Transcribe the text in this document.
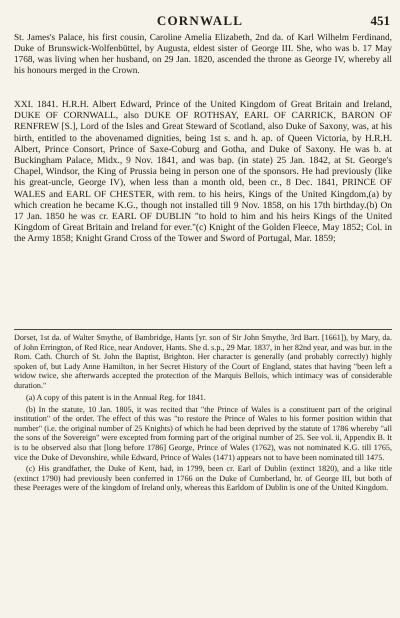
CORNWALL	451

St. James's Palace, his first cousin, Caroline Amelia Elizabeth, 2nd da. of Karl Wilhelm Ferdinand, Duke of Brunswick-Wolfenbüttel, by Augusta, eldest sister of George III. She, who was b. 17 May 1768, was living when her husband, on 29 Jan. 1820, ascended the throne as George IV, whereby all his honours merged in the Crown.

XXI. 1841. H.R.H. Albert Edward, Prince of the United Kingdom of Great Britain and Ireland, DUKE OF CORNWALL, also DUKE OF ROTHSAY, EARL OF CARRICK, BARON OF RENFREW [S.], Lord of the Isles and Great Steward of Scotland, also Duke of Saxony, was, at his birth, entitled to the abovenamed dignities, being 1st s. and h. ap. of Queen Victoria, by H.R.H. Albert, Prince Consort, Prince of Saxe-Coburg and Gotha, and Duke of Saxony. He was b. at Buckingham Palace, Midx., 9 Nov. 1841, and was bap. (in state) 25 Jan. 1842, at St. George's Chapel, Windsor, the King of Prussia being in person one of the sponsors. He had previously (like his great-uncle, George IV), when less than a month old, been cr., 8 Dec. 1841, PRINCE OF WALES and EARL OF CHESTER, with rem. to his heirs, Kings of the United Kingdom,(a) by which creation he became K.G., though not installed till 9 Nov. 1858, on his 17th birthday.(b) On 17 Jan. 1850 he was cr. EARL OF DUBLIN "to hold to him and his heirs Kings of the United Kingdom of Great Britain and Ireland for ever."(c) Knight of the Golden Fleece, May 1852; Col. in the Army 1858; Knight Grand Cross of the Tower and Sword of Portugal, Mar. 1859;

Dorset, 1st da. of Walter Smythe, of Bambridge, Hants [yr. son of Sir John Smythe, 3rd Bart. [1661]), by Mary, da. of John Errington, of Red Rice, near Andover, Hants. She d. s.p., 29 Mar. 1837, in her 82nd year, and was bur. in the Rom. Cath. Church of St. John the Baptist, Brighton. Her character is generally (and probably correctly) highly spoken of, but Lady Anne Hamilton, in her Secret History of the Court of England, states that having "been left a widow twice, she afterwards accepted the protection of the Marquis Bellois, which intimacy was of considerable duration."

(a) A copy of this patent is in the Annual Reg. for 1841.

(b) In the statute, 10 Jan. 1805, it was recited that "the Prince of Wales is a constituent part of the original institution" of the order. The effect of this was "to restore the Prince of Wales to his former position within that number" (i.e. the original number of 25 Knights) of which he had been deprived by the statute of 1786 whereby "all the sons of the Sovereign" were excepted from forming part of the original number of 25. See vol. ii, Appendix B. It is to be observed also that [long before 1786] George, Prince of Wales (1762), was not nominated K.G. till 1765, vice the Duke of Devonshire, while Edward, Prince of Wales (1471) appears not to have been nominated till 1475.

(c) His grandfather, the Duke of Kent, had, in 1799, been cr. Earl of Dublin (extinct 1820), and a like title (extinct 1790) had previously been conferred in 1766 on the Duke of Cumberland, br. of George III, but both of these Peerages were of the kingdom of Ireland only, whereas this Earldom of Dublin is one of the United Kingdom.
